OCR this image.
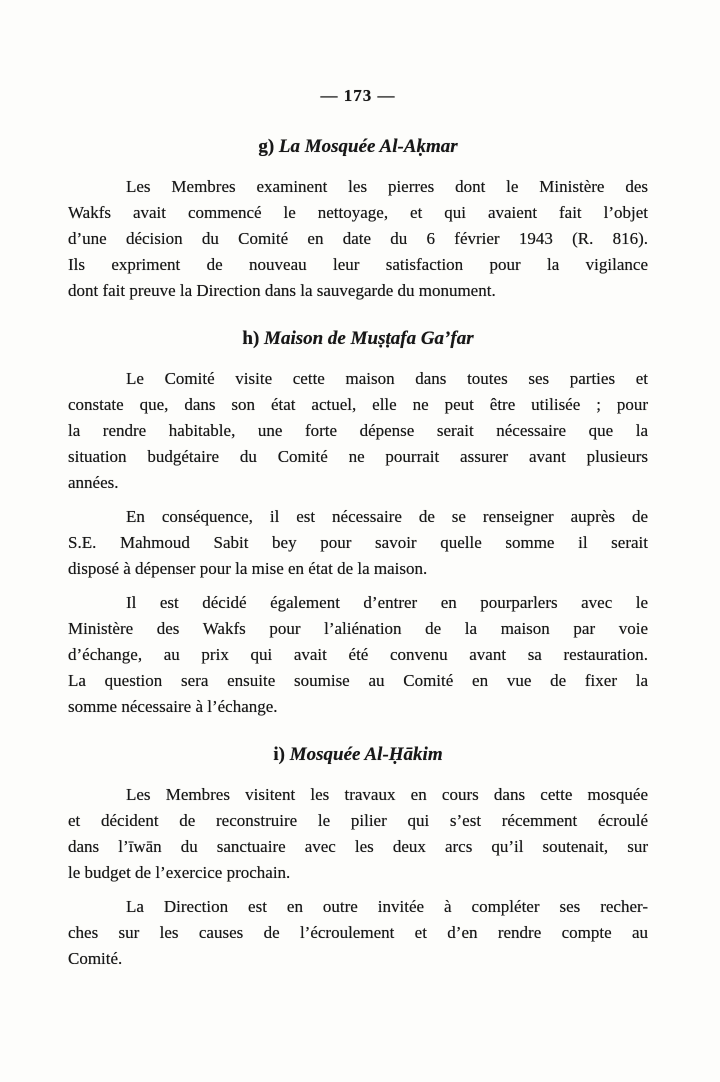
— 173 —
g) La Mosquée Al-Aḳmar

Les Membres examinent les pierres dont le Ministère des
Wakfs avait commencé le nettoyage, et qui avaient fait l’objet
d’une décision du Comité en date du 6 février 1943 (R. 816).
Ils expriment de nouveau leur satisfaction pour la vigilance
dont fait preuve la Direction dans la sauvegarde du monument.

h) Maison de Muṣṭafa Ga’far

Le Comité visite cette maison dans toutes ses parties et
constate que, dans son état actuel, elle ne peut être utilisée ; pour
la rendre habitable, une forte dépense serait nécessaire que la
situation budgétaire du Comité ne pourrait assurer avant plusieurs
années.

En conséquence, il est nécessaire de se renseigner auprès de
S.E. Mahmoud Sabit bey pour savoir quelle somme il serait
disposé à dépenser pour la mise en état de la maison.

Il est décidé également d’entrer en pourparlers avec le
Ministère des Wakfs pour l’aliénation de la maison par voie
d’échange, au prix qui avait été convenu avant sa restauration.
La question sera ensuite soumise au Comité en vue de fixer la
somme nécessaire à l’échange.

i) Mosquée Al-Ḥākim

Les Membres visitent les travaux en cours dans cette mosquée
et décident de reconstruire le pilier qui s’est récemment écroulé
dans l’īwān du sanctuaire avec les deux arcs qu’il soutenait, sur
le budget de l’exercice prochain.

La Direction est en outre invitée à compléter ses recher-
ches sur les causes de l’écroulement et d’en rendre compte au
Comité.
